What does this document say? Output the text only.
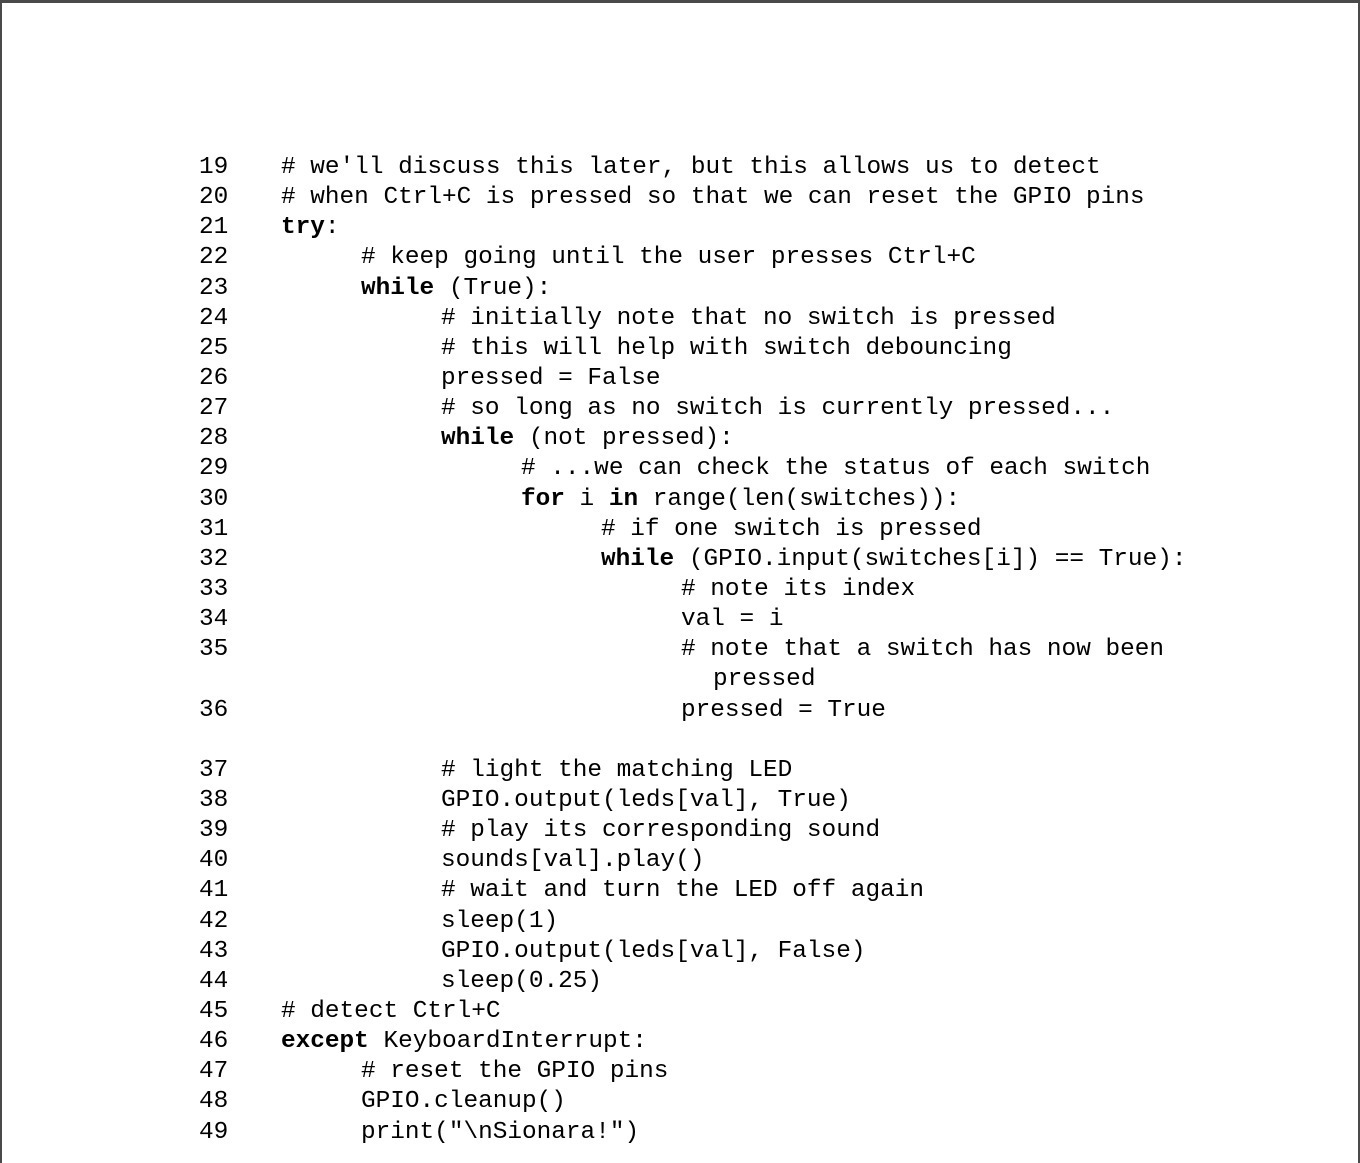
19	# we'll discuss this later, but this allows us to detect
20	# when Ctrl+C is pressed so that we can reset the GPIO pins
21	try:
22	# keep going until the user presses Ctrl+C
23	while (True):
24	# initially note that no switch is pressed
25	# this will help with switch debouncing
26	pressed = False
27	# so long as no switch is currently pressed...
28	while (not pressed):
29	# ...we can check the status of each switch
30	for i in range(len(switches)):
31	# if one switch is pressed
32	while (GPIO.input(switches[i]) == True):
33	# note its index
34	val = i
35	# note that a switch has now been
pressed
36	pressed = True
37	# light the matching LED
38	GPIO.output(leds[val], True)
39	# play its corresponding sound
40	sounds[val].play()
41	# wait and turn the LED off again
42	sleep(1)
43	GPIO.output(leds[val], False)
44	sleep(0.25)
45	# detect Ctrl+C
46	except KeyboardInterrupt:
47	# reset the GPIO pins
48	GPIO.cleanup()
49	print("\nSionara!")
